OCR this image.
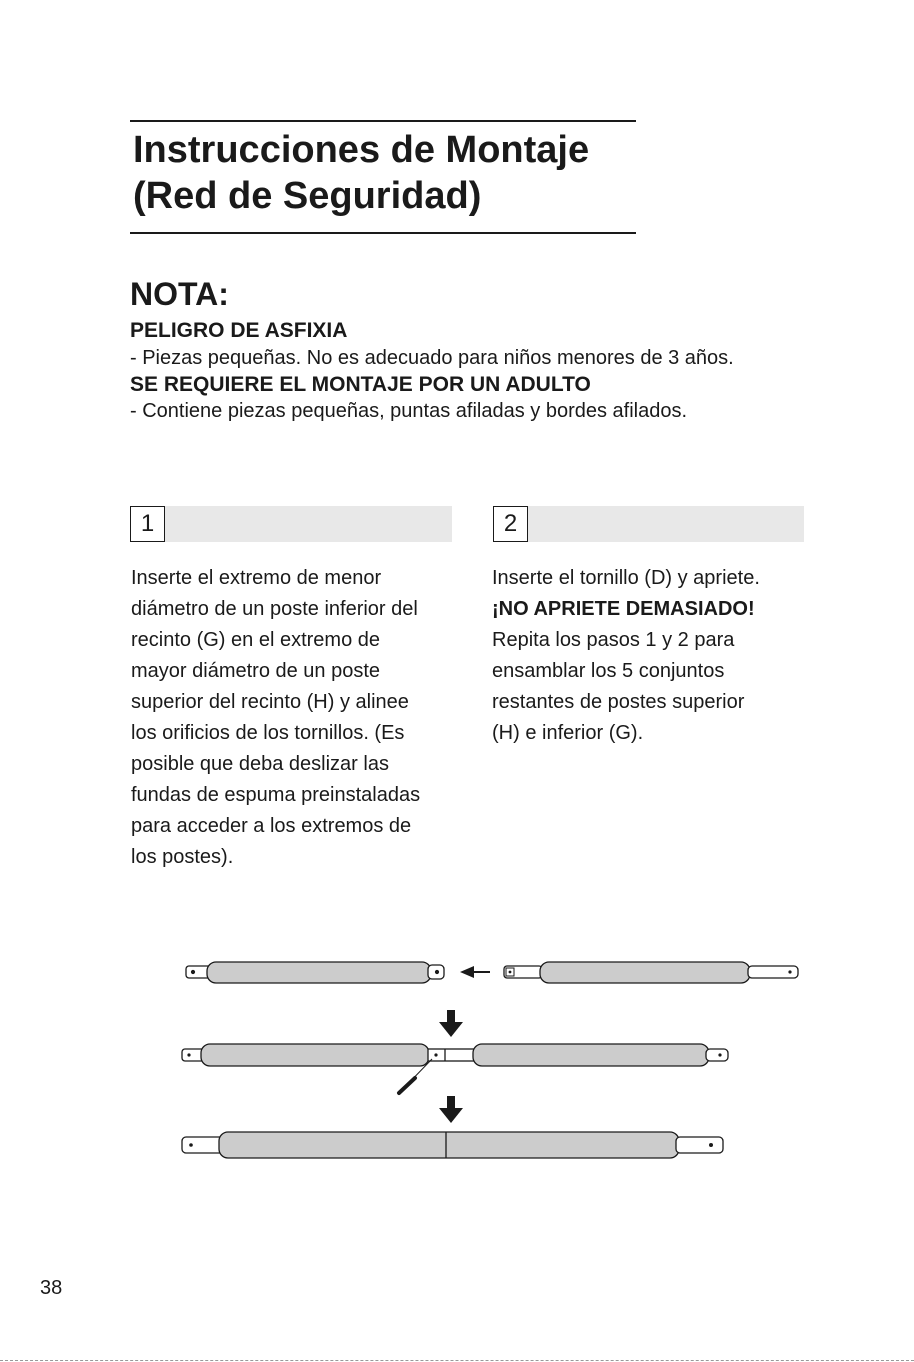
Instrucciones de Montaje
(Red de Seguridad)
NOTA:
PELIGRO DE ASFIXIA
- Piezas pequeñas. No es adecuado para niños menores de 3 años.
SE REQUIERE EL MONTAJE POR UN ADULTO
- Contiene piezas pequeñas, puntas afiladas y bordes afilados.
1	2

Inserte el extremo de menor

diámetro de un poste inferior del

recinto (G) en el extremo de

mayor diámetro de un poste

superior del recinto (H) y alinee

los orificios de los tornillos. (Es

posible que deba deslizar las

fundas de espuma preinstaladas

para acceder a los extremos de

los postes).

Inserte el tornillo (D) y apriete.

¡NO APRIETE DEMASIADO!

Repita los pasos 1 y 2 para

ensamblar los 5 conjuntos

restantes de postes superior

(H) e inferior (G).

38
